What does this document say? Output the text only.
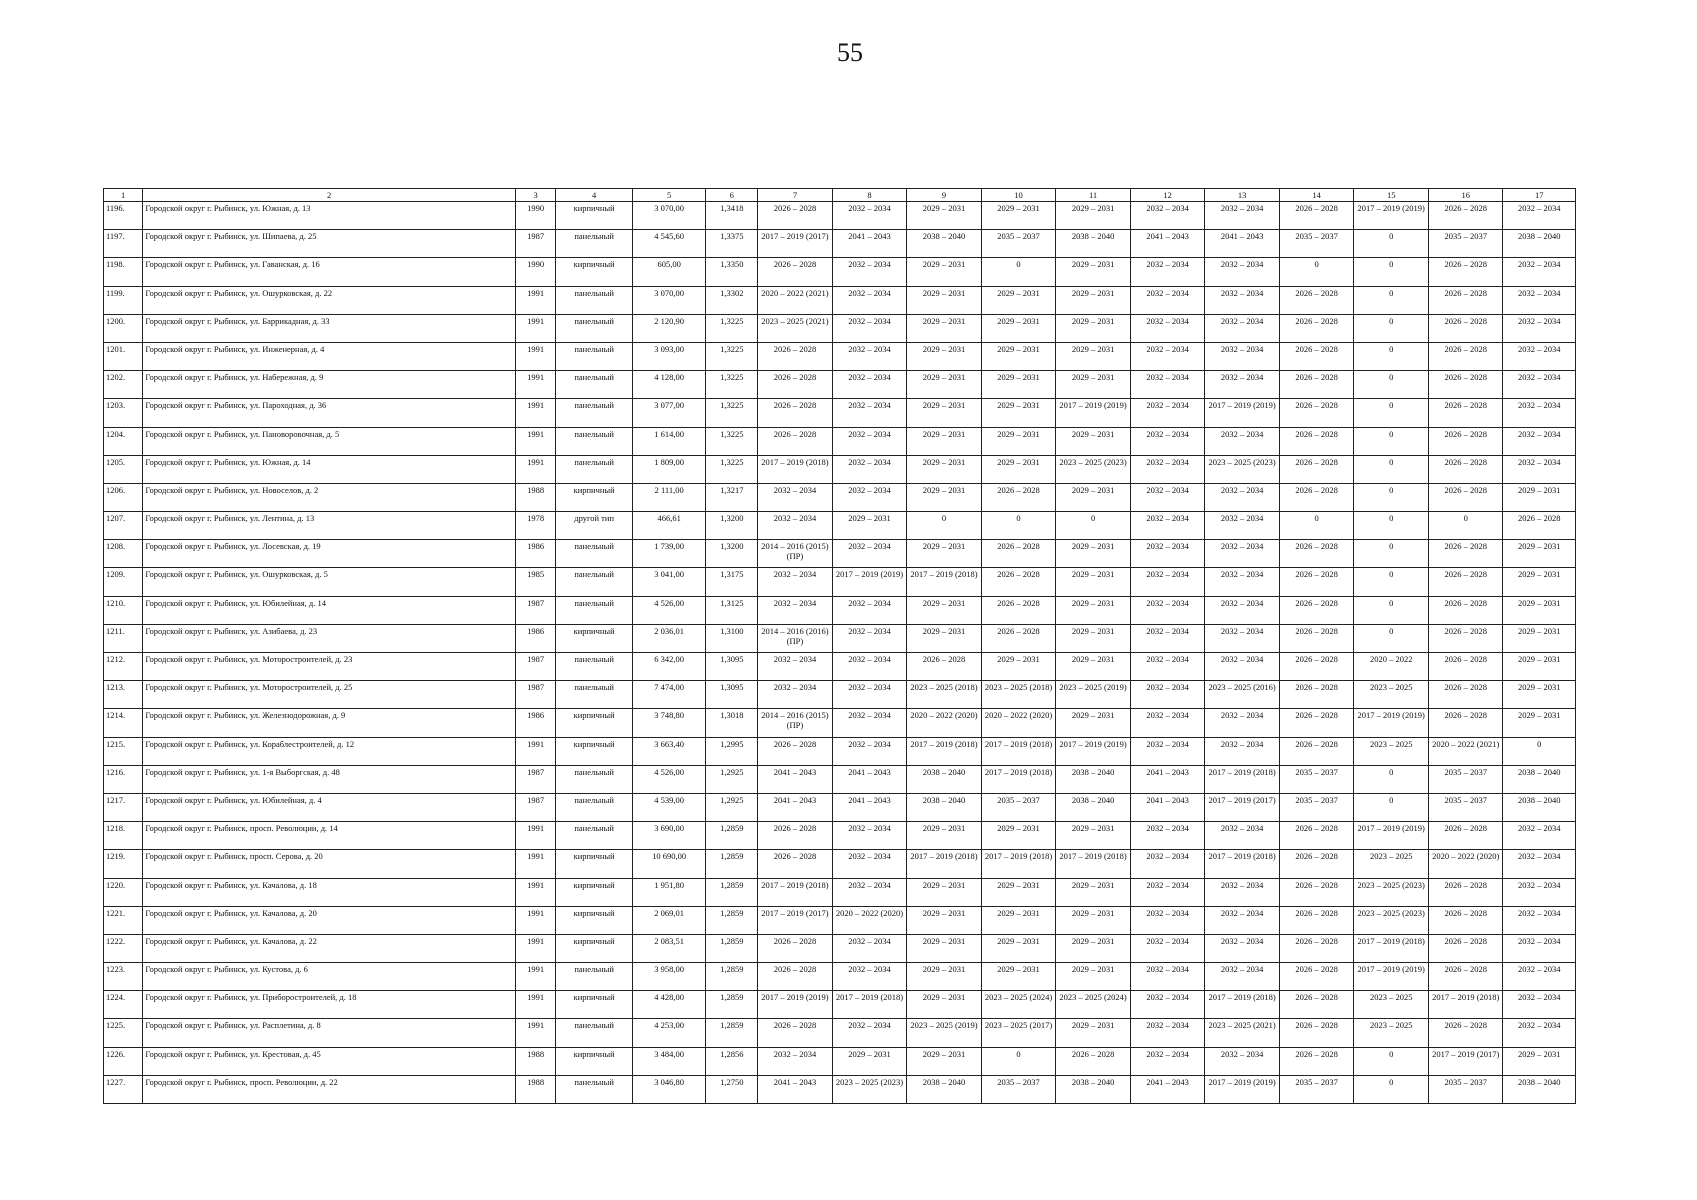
55
1	2	3	4	5	6	7	8	9	10	11	12	13	14	15	16	17
1196.	Городской округ г. Рыбинск, ул. Южная, д. 13	1990	кирпичный	3 070,00	1,3418	2026 – 2028	2032 – 2034	2029 – 2031	2029 – 2031	2029 – 2031	2032 – 2034	2032 – 2034	2026 – 2028	2017 – 2019 (2019)	2026 – 2028	2032 – 2034
1197.	Городской округ г. Рыбинск, ул. Шипаева, д. 25	1987	панельный	4 545,60	1,3375	2017 – 2019 (2017)	2041 – 2043	2038 – 2040	2035 – 2037	2038 – 2040	2041 – 2043	2041 – 2043	2035 – 2037	0	2035 – 2037	2038 – 2040
1198.	Городской округ г. Рыбинск, ул. Гаванская, д. 16	1990	кирпичный	605,00	1,3350	2026 – 2028	2032 – 2034	2029 – 2031	0	2029 – 2031	2032 – 2034	2032 – 2034	0	0	2026 – 2028	2032 – 2034
1199.	Городской округ г. Рыбинск, ул. Ошурковская, д. 22	1991	панельный	3 070,00	1,3302	2020 – 2022 (2021)	2032 – 2034	2029 – 2031	2029 – 2031	2029 – 2031	2032 – 2034	2032 – 2034	2026 – 2028	0	2026 – 2028	2032 – 2034
1200.	Городской округ г. Рыбинск, ул. Баррикадная, д. 33	1991	панельный	2 120,90	1,3225	2023 – 2025 (2021)	2032 – 2034	2029 – 2031	2029 – 2031	2029 – 2031	2032 – 2034	2032 – 2034	2026 – 2028	0	2026 – 2028	2032 – 2034
1201.	Городской округ г. Рыбинск, ул. Инженерная, д. 4	1991	панельный	3 093,00	1,3225	2026 – 2028	2032 – 2034	2029 – 2031	2029 – 2031	2029 – 2031	2032 – 2034	2032 – 2034	2026 – 2028	0	2026 – 2028	2032 – 2034
1202.	Городской округ г. Рыбинск, ул. Набережная, д. 9	1991	панельный	4 128,00	1,3225	2026 – 2028	2032 – 2034	2029 – 2031	2029 – 2031	2029 – 2031	2032 – 2034	2032 – 2034	2026 – 2028	0	2026 – 2028	2032 – 2034
1203.	Городской округ г. Рыбинск, ул. Пароходная, д. 36	1991	панельный	3 077,00	1,3225	2026 – 2028	2032 – 2034	2029 – 2031	2029 – 2031	2017 – 2019 (2019)	2032 – 2034	2017 – 2019 (2019)	2026 – 2028	0	2026 – 2028	2032 – 2034
1204.	Городской округ г. Рыбинск, ул. Пановоровочная, д. 5	1991	панельный	1 614,00	1,3225	2026 – 2028	2032 – 2034	2029 – 2031	2029 – 2031	2029 – 2031	2032 – 2034	2032 – 2034	2026 – 2028	0	2026 – 2028	2032 – 2034
1205.	Городской округ г. Рыбинск, ул. Южная, д. 14	1991	панельный	1 809,00	1,3225	2017 – 2019 (2018)	2032 – 2034	2029 – 2031	2029 – 2031	2023 – 2025 (2023)	2032 – 2034	2023 – 2025 (2023)	2026 – 2028	0	2026 – 2028	2032 – 2034
1206.	Городской округ г. Рыбинск, ул. Новоселов, д. 2	1988	кирпичный	2 111,00	1,3217	2032 – 2034	2032 – 2034	2029 – 2031	2026 – 2028	2029 – 2031	2032 – 2034	2032 – 2034	2026 – 2028	0	2026 – 2028	2029 – 2031
1207.	Городской округ г. Рыбинск, ул. Лентина, д. 13	1978	другой тип	466,61	1,3200	2032 – 2034	2029 – 2031	0	0	0	2032 – 2034	2032 – 2034	0	0	0	2026 – 2028
1208.	Городской округ г. Рыбинск, ул. Лосевская, д. 19	1986	панельный	1 739,00	1,3200	2014 – 2016 (2015) (ПР)	2032 – 2034	2029 – 2031	2026 – 2028	2029 – 2031	2032 – 2034	2032 – 2034	2026 – 2028	0	2026 – 2028	2029 – 2031
1209.	Городской округ г. Рыбинск, ул. Ошурковская, д. 5	1985	панельный	3 041,00	1,3175	2032 – 2034	2017 – 2019 (2019)	2017 – 2019 (2018)	2026 – 2028	2029 – 2031	2032 – 2034	2032 – 2034	2026 – 2028	0	2026 – 2028	2029 – 2031
1210.	Городской округ г. Рыбинск, ул. Юбилейная, д. 14	1987	панельный	4 526,00	1,3125	2032 – 2034	2032 – 2034	2029 – 2031	2026 – 2028	2029 – 2031	2032 – 2034	2032 – 2034	2026 – 2028	0	2026 – 2028	2029 – 2031
1211.	Городской округ г. Рыбинск, ул. Азибаева, д. 23	1986	кирпичный	2 036,01	1,3100	2014 – 2016 (2016) (ПР)	2032 – 2034	2029 – 2031	2026 – 2028	2029 – 2031	2032 – 2034	2032 – 2034	2026 – 2028	0	2026 – 2028	2029 – 2031
1212.	Городской округ г. Рыбинск, ул. Моторостроителей, д. 23	1987	панельный	6 342,00	1,3095	2032 – 2034	2032 – 2034	2026 – 2028	2029 – 2031	2029 – 2031	2032 – 2034	2032 – 2034	2026 – 2028	2020 – 2022	2026 – 2028	2029 – 2031
1213.	Городской округ г. Рыбинск, ул. Моторостроителей, д. 25	1987	панельный	7 474,00	1,3095	2032 – 2034	2032 – 2034	2023 – 2025 (2018)	2023 – 2025 (2018)	2023 – 2025 (2019)	2032 – 2034	2023 – 2025 (2016)	2026 – 2028	2023 – 2025	2026 – 2028	2029 – 2031
1214.	Городской округ г. Рыбинск, ул. Железнодорожная, д. 9	1986	кирпичный	3 748,80	1,3018	2014 – 2016 (2015) (ПР)	2032 – 2034	2020 – 2022 (2020)	2020 – 2022 (2020)	2029 – 2031	2032 – 2034	2032 – 2034	2026 – 2028	2017 – 2019 (2019)	2026 – 2028	2029 – 2031
1215.	Городской округ г. Рыбинск, ул. Кораблестроителей, д. 12	1991	кирпичный	3 663,40	1,2995	2026 – 2028	2032 – 2034	2017 – 2019 (2018)	2017 – 2019 (2018)	2017 – 2019 (2019)	2032 – 2034	2032 – 2034	2026 – 2028	2023 – 2025	2020 – 2022 (2021)	0
1216.	Городской округ г. Рыбинск, ул. 1-я Выборгская, д. 48	1987	панельный	4 526,00	1,2925	2041 – 2043	2041 – 2043	2038 – 2040	2017 – 2019 (2018)	2038 – 2040	2041 – 2043	2017 – 2019 (2018)	2035 – 2037	0	2035 – 2037	2038 – 2040
1217.	Городской округ г. Рыбинск, ул. Юбилейная, д. 4	1987	панельный	4 539,00	1,2925	2041 – 2043	2041 – 2043	2038 – 2040	2035 – 2037	2038 – 2040	2041 – 2043	2017 – 2019 (2017)	2035 – 2037	0	2035 – 2037	2038 – 2040
1218.	Городской округ г. Рыбинск, просп. Революции, д. 14	1991	панельный	3 690,00	1,2859	2026 – 2028	2032 – 2034	2029 – 2031	2029 – 2031	2029 – 2031	2032 – 2034	2032 – 2034	2026 – 2028	2017 – 2019 (2019)	2026 – 2028	2032 – 2034
1219.	Городской округ г. Рыбинск, просп. Серова, д. 20	1991	кирпичный	10 690,00	1,2859	2026 – 2028	2032 – 2034	2017 – 2019 (2018)	2017 – 2019 (2018)	2017 – 2019 (2018)	2032 – 2034	2017 – 2019 (2018)	2026 – 2028	2023 – 2025	2020 – 2022 (2020)	2032 – 2034
1220.	Городской округ г. Рыбинск, ул. Качалова, д. 18	1991	кирпичный	1 951,80	1,2859	2017 – 2019 (2018)	2032 – 2034	2029 – 2031	2029 – 2031	2029 – 2031	2032 – 2034	2032 – 2034	2026 – 2028	2023 – 2025 (2023)	2026 – 2028	2032 – 2034
1221.	Городской округ г. Рыбинск, ул. Качалова, д. 20	1991	кирпичный	2 069,01	1,2859	2017 – 2019 (2017)	2020 – 2022 (2020)	2029 – 2031	2029 – 2031	2029 – 2031	2032 – 2034	2032 – 2034	2026 – 2028	2023 – 2025 (2023)	2026 – 2028	2032 – 2034
1222.	Городской округ г. Рыбинск, ул. Качалова, д. 22	1991	кирпичный	2 083,51	1,2859	2026 – 2028	2032 – 2034	2029 – 2031	2029 – 2031	2029 – 2031	2032 – 2034	2032 – 2034	2026 – 2028	2017 – 2019 (2018)	2026 – 2028	2032 – 2034
1223.	Городской округ г. Рыбинск, ул. Кустова, д. 6	1991	панельный	3 958,00	1,2859	2026 – 2028	2032 – 2034	2029 – 2031	2029 – 2031	2029 – 2031	2032 – 2034	2032 – 2034	2026 – 2028	2017 – 2019 (2019)	2026 – 2028	2032 – 2034
1224.	Городской округ г. Рыбинск, ул. Приборостроителей, д. 18	1991	кирпичный	4 428,00	1,2859	2017 – 2019 (2019)	2017 – 2019 (2018)	2029 – 2031	2023 – 2025 (2024)	2023 – 2025 (2024)	2032 – 2034	2017 – 2019 (2018)	2026 – 2028	2023 – 2025	2017 – 2019 (2018)	2032 – 2034
1225.	Городской округ г. Рыбинск, ул. Расплетина, д. 8	1991	панельный	4 253,00	1,2859	2026 – 2028	2032 – 2034	2023 – 2025 (2019)	2023 – 2025 (2017)	2029 – 2031	2032 – 2034	2023 – 2025 (2021)	2026 – 2028	2023 – 2025	2026 – 2028	2032 – 2034
1226.	Городской округ г. Рыбинск, ул. Крестовая, д. 45	1988	кирпичный	3 484,00	1,2856	2032 – 2034	2029 – 2031	2029 – 2031	0	2026 – 2028	2032 – 2034	2032 – 2034	2026 – 2028	0	2017 – 2019 (2017)	2029 – 2031
1227.	Городской округ г. Рыбинск, просп. Революции, д. 22	1988	панельный	3 046,80	1,2750	2041 – 2043	2023 – 2025 (2023)	2038 – 2040	2035 – 2037	2038 – 2040	2041 – 2043	2017 – 2019 (2019)	2035 – 2037	0	2035 – 2037	2038 – 2040
